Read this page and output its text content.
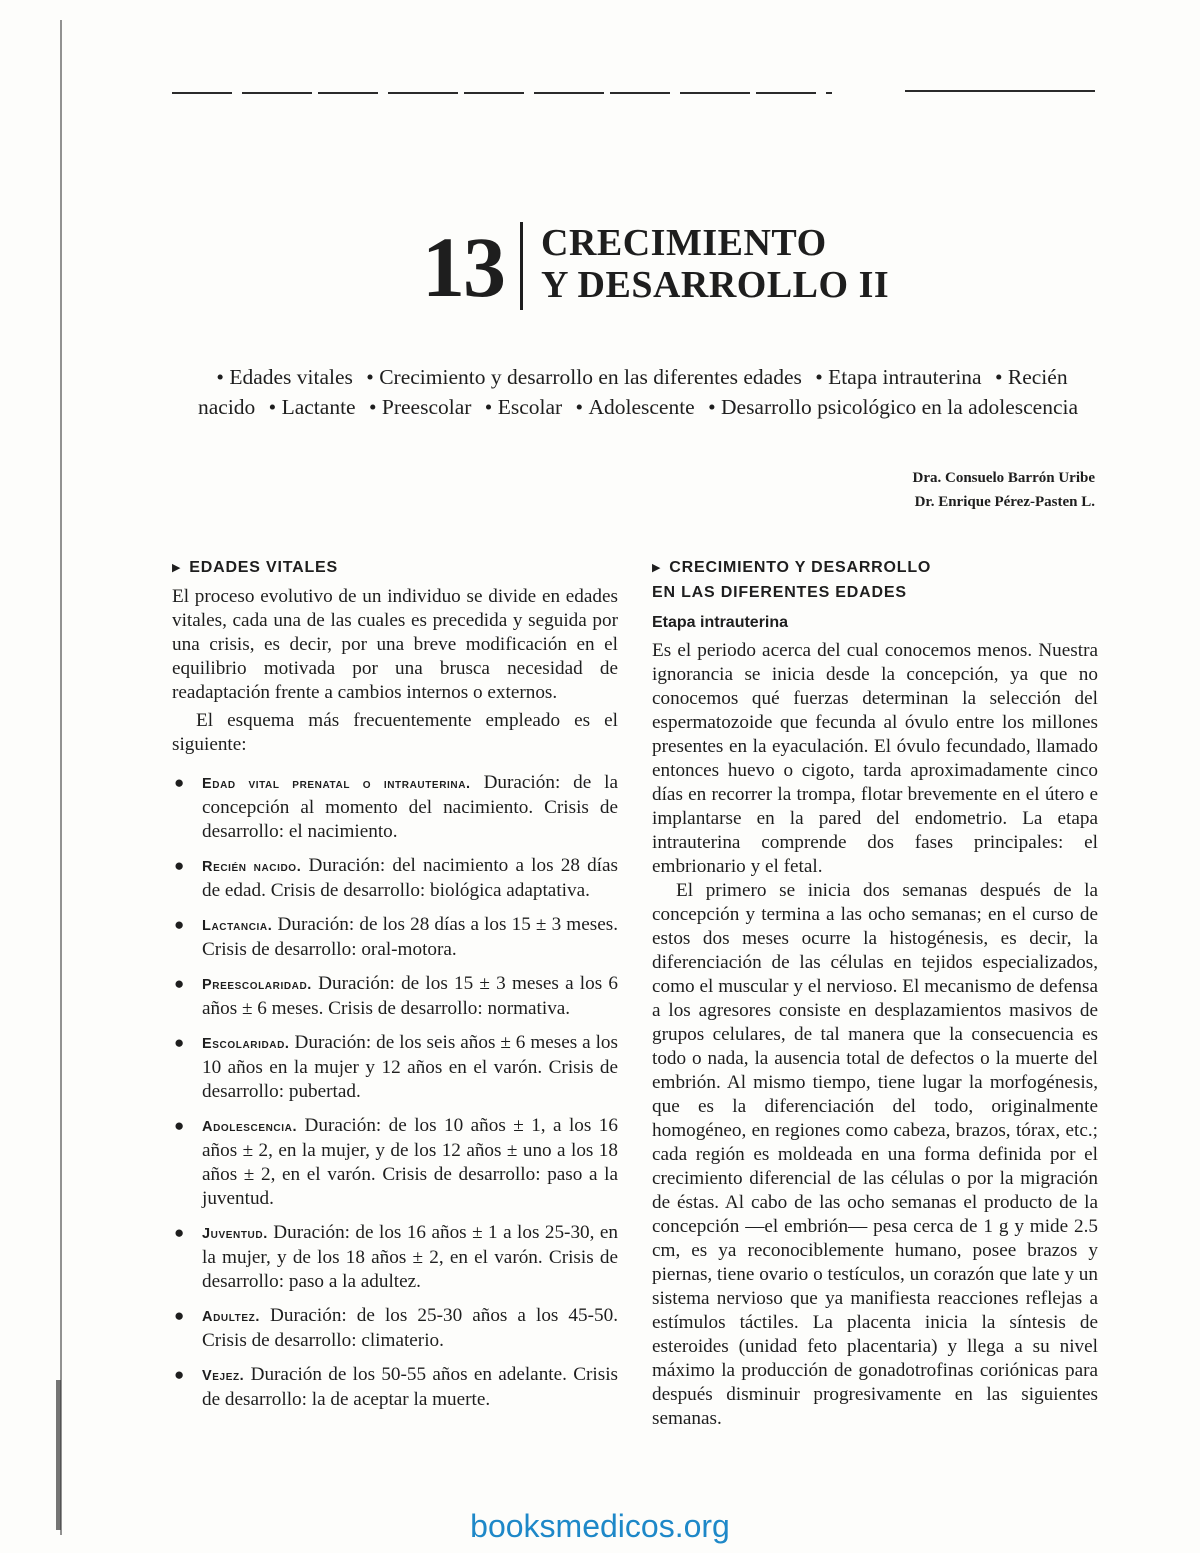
13 CRECIMIENTO
Y DESARROLLO II
• Edades vitales • Crecimiento y desarrollo en las diferentes edades • Etapa intrauterina • Recién nacido • Lactante • Preescolar • Escolar • Adolescente • Desarrollo psicológico en la adolescencia
Dra. Consuelo Barrón Uribe
Dr. Enrique Pérez-Pasten L.
▶ EDADES VITALES

El proceso evolutivo de un individuo se divide en edades vitales, cada una de las cuales es precedida y seguida por una crisis, es decir, por una breve modificación en el equilibrio motivada por una brusca necesidad de readaptación frente a cambios internos o externos.

El esquema más frecuentemente empleado es el siguiente:

● Edad vital prenatal o intrauterina. Duración: de la concepción al momento del nacimiento. Crisis de desarrollo: el nacimiento.
● Recién nacido. Duración: del nacimiento a los 28 días de edad. Crisis de desarrollo: biológica adaptativa.
● Lactancia. Duración: de los 28 días a los 15 ± 3 meses. Crisis de desarrollo: oral-motora.
● Preescolaridad. Duración: de los 15 ± 3 meses a los 6 años ± 6 meses. Crisis de desarrollo: normativa.
● Escolaridad. Duración: de los seis años ± 6 meses a los 10 años en la mujer y 12 años en el varón. Crisis de desarrollo: pubertad.
● Adolescencia. Duración: de los 10 años ± 1, a los 16 años ± 2, en la mujer, y de los 12 años ± uno a los 18 años ± 2, en el varón. Crisis de desarrollo: paso a la juventud.
● Juventud. Duración: de los 16 años ± 1 a los 25-30, en la mujer, y de los 18 años ± 2, en el varón. Crisis de desarrollo: paso a la adultez.
● Adultez. Duración: de los 25-30 años a los 45-50. Crisis de desarrollo: climaterio.
● Vejez. Duración de los 50-55 años en adelante. Crisis de desarrollo: la de aceptar la muerte.
▶ CRECIMIENTO Y DESARROLLO
EN LAS DIFERENTES EDADES
Etapa intrauterina

Es el periodo acerca del cual conocemos menos. Nuestra ignorancia se inicia desde la concepción, ya que no conocemos qué fuerzas determinan la selección del espermatozoide que fecunda al óvulo entre los millones presentes en la eyaculación. El óvulo fecundado, llamado entonces huevo o cigoto, tarda aproximadamente cinco días en recorrer la trompa, flotar brevemente en el útero e implantarse en la pared del endometrio. La etapa intrauterina comprende dos fases principales: el embrionario y el fetal.

El primero se inicia dos semanas después de la concepción y termina a las ocho semanas; en el curso de estos dos meses ocurre la histogénesis, es decir, la diferenciación de las células en tejidos especializados, como el muscular y el nervioso. El mecanismo de defensa a los agresores consiste en desplazamientos masivos de grupos celulares, de tal manera que la consecuencia es todo o nada, la ausencia total de defectos o la muerte del embrión. Al mismo tiempo, tiene lugar la morfogénesis, que es la diferenciación del todo, originalmente homogéneo, en regiones como cabeza, brazos, tórax, etc.; cada región es moldeada en una forma definida por el crecimiento diferencial de las células o por la migración de éstas. Al cabo de las ocho semanas el producto de la concepción —el embrión— pesa cerca de 1 g y mide 2.5 cm, es ya reconociblemente humano, posee brazos y piernas, tiene ovario o testículos, un corazón que late y un sistema nervioso que ya manifiesta reacciones reflejas a estímulos táctiles. La placenta inicia la síntesis de esteroides (unidad feto placentaria) y llega a su nivel máximo la producción de gonadotrofinas coriónicas para después disminuir progresivamente en las siguientes semanas.

booksmedicos.org
